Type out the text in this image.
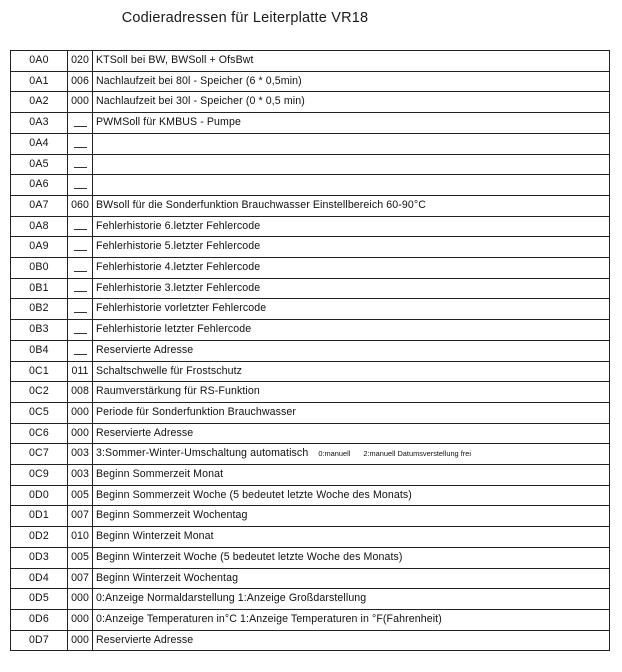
Codieradressen für Leiterplatte VR18
0A0	020	KTSoll bei BW, BWSoll + OfsBwt
0A1	006	Nachlaufzeit bei 80l - Speicher (6 * 0,5min)
0A2	000	Nachlaufzeit bei 30l - Speicher (0 * 0,5 min)
0A3		PWMSoll für KMBUS - Pumpe
0A4		
0A5		
0A6		
0A7	060	BWsoll für die Sonderfunktion Brauchwasser Einstellbereich 60-90°C
0A8		Fehlerhistorie 6.letzter Fehlercode
0A9		Fehlerhistorie 5.letzter Fehlercode
0B0		Fehlerhistorie 4.letzter Fehlercode
0B1		Fehlerhistorie 3.letzter Fehlercode
0B2		Fehlerhistorie vorletzter Fehlercode
0B3		Fehlerhistorie letzter Fehlercode
0B4		Reservierte Adresse
0C1	011	Schaltschwelle für Frostschutz
0C2	008	Raumverstärkung für RS-Funktion
0C5	000	Periode für Sonderfunktion Brauchwasser
0C6	000	Reservierte Adresse
0C7	003	3:Sommer-Winter-Umschaltung automatisch 0:manuell 2:manuell Datumsverstellung frei
0C9	003	Beginn Sommerzeit Monat
0D0	005	Beginn Sommerzeit Woche (5 bedeutet letzte Woche des Monats)
0D1	007	Beginn Sommerzeit Wochentag
0D2	010	Beginn Winterzeit Monat
0D3	005	Beginn Winterzeit Woche (5 bedeutet letzte Woche des Monats)
0D4	007	Beginn Winterzeit Wochentag
0D5	000	0:Anzeige Normaldarstellung 1:Anzeige Großdarstellung
0D6	000	0:Anzeige Temperaturen in°C 1:Anzeige Temperaturen in °F(Fahrenheit)
0D7	000	Reservierte Adresse
